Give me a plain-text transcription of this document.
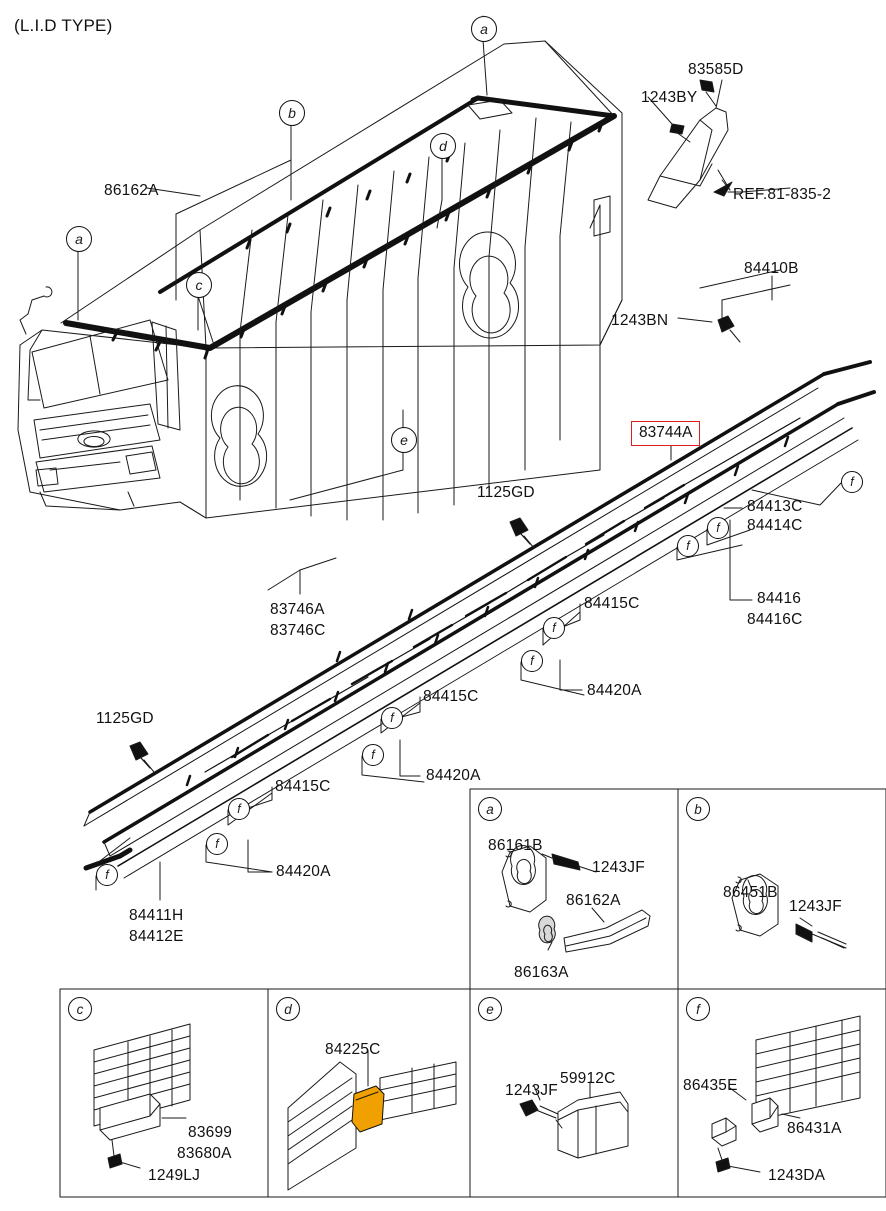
(L.I.D TYPE)
86162A
83585D
1243BY
REF.81-835-2
84410B
1243BN
1125GD
84413C
84414C
84416
84416C
84415C
84420A
83746A
83746C
84415C
84420A
84415C
84420A
1125GD
84411H
84412E
83744A
a
b
d
a
c
e
f
f
f
f
f
f
f
f
f
f
a	b
c	d	e	f
86161B
1243JF
86162A
86163A
86451B
1243JF
83699
83680A
1249LJ
84225C
1243JF
59912C	86435E
86431A
1243DA
